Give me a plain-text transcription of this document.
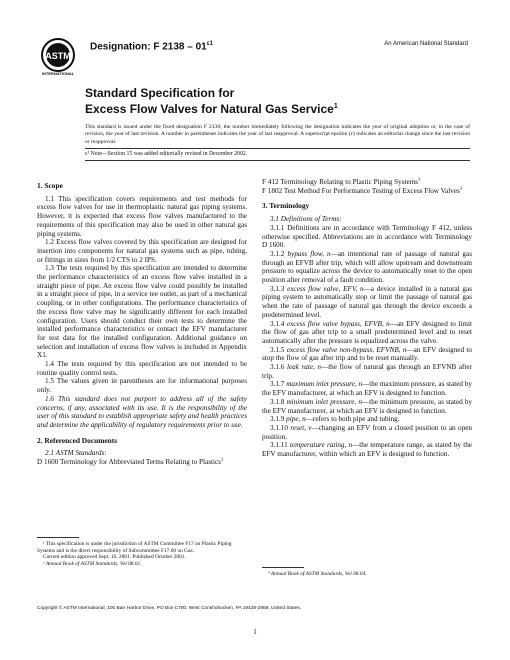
ASTM
INTERNATIONAL
Designation: F $2138 - 01^{\varepsilon 1}$	An American National Standard
Standard Specification for
Excess Flow Valves for Natural Gas Service$^1$
This standard is issued under the fixed designation F 2138; the number immediately following the designation indicates the year of original adoption or, in the case of revision, the year of last revision. A number in parentheses indicates the year of last reapproval. A superscript epsilon (ε) indicates an editorial change since the last revision or reapproval.
ε¹ Note—Section 15 was added editorially revised in December 2002.
1. Scope

1.1 This specification covers requirements and test methods for excess flow valves for use in thermoplastic natural gas piping systems. However, it is expected that excess flow valves manufactured to the requirements of this specification may also be used in other natural gas piping systems.

1.2 Excess flow valves covered by this specification are designed for insertion into components for natural gas systems such as pipe, tubing, or fittings in sizes from 1/2 CTS to 2 IPS.

1.3 The tests required by this specification are intended to determine the performance characteristics of an excess flow valve installed in a straight piece of pipe. An excess flow valve could possibly be installed in a straight piece of pipe, in a service tee outlet, as part of a mechanical coupling, or in other configurations. The performance characteristics of the excess flow valve may be significantly different for each installed configuration. Users should conduct their own tests to determine the installed performance characteristics or contact the EFV manufacturer for test data for the installed configuration. Additional guidance on selection and installation of excess flow valves is included in Appendix X1.

1.4 The tests required by this specification are not intended to be routine quality control tests.

1.5 The values given in parentheses are for informational purposes only.

1.6 This standard does not purport to address all of the safety concerns, if any, associated with its use. It is the responsibility of the user of this standard to establish appropriate safety and health practices and determine the applicability of regulatory requirements prior to use.

2. Referenced Documents

2.1 ASTM Standards:

D 1600 Terminology for Abbreviated Terms Relating to Plastics$^2$

F 412 Terminology Relating to Plastic Piping Systems$^3$

F 1802 Test Method For Performance Testing of Excess Flow Valves$^3$

3. Terminology

3.1 Definitions of Terms:

3.1.1 Definitions are in accordance with Terminology F 412, unless otherwise specified. Abbreviations are in accordance with Terminology D 1600.

3.1.2 bypass flow, n—an intentional rate of passage of natural gas through an EFVB after trip, which will allow upstream and downstream pressure to equalize across the device to automatically reset to the open position after removal of a fault condition.

3.1.3 excess flow valve, EFV, n—a device installed in a natural gas piping system to automatically stop or limit the passage of natural gas when the rate of passage of natural gas through the device exceeds a predetermined level.

3.1.4 excess flow valve bypass, EFVB, n—an EFV designed to limit the flow of gas after trip to a small predetermined level and to reset automatically after the pressure is equalized across the valve.

3.1.5 excess flow valve non-bypass, EFVNB, n—an EFV designed to stop the flow of gas after trip and to be reset manually.

3.1.6 leak rate, n—the flow of natural gas through an EFVNB after trip.

3.1.7 maximum inlet pressure, n—the maximum pressure, as stated by the EFV manufacturer, at which an EFV is designed to function.

3.1.8 minimum inlet pressure, n—the minimum pressure, as stated by the EFV manufacturer, at which an EFV is designed to function.

3.1.9 pipe, n—refers to both pipe and tubing.

3.1.10 reset, v—changing an EFV from a closed position to an open position.

3.1.11 temperature rating, n—the temperature range, as stated by the EFV manufacturer, within which an EFV is designed to function.

¹ This specification is under the jurisdiction of ASTM Committee F17 on Plastic Piping Systems and is the direct responsibility of Subcommittee F17.60 on Gas.

Current edition approved Sept. 10, 2001. Published October 2001.

² Annual Book of ASTM Standards, Vol 08.01.

³ Annual Book of ASTM Standards, Vol 08.04.

Copyright © ASTM International, 100 Barr Harbor Drive, PO Box C700, West Conshohocken, PA 19428-2959, United States.
1
